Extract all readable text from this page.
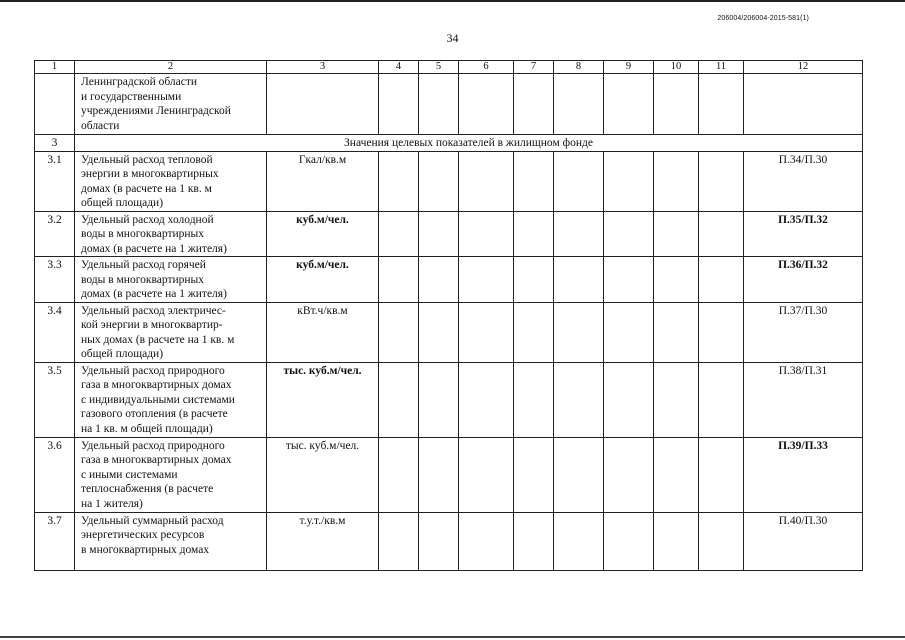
206004/206004-2015-581(1)
34
1	2	3	4	5	6	7	8	9	10	11	12

	Ленинградской области
и государственными
учреждениями Ленинградской
области										

3	Значения целевых показателей в жилищном фонде										
3.1	Удельный расход тепловой
энергии в многоквартирных
домах (в расчете на 1 кв. м
общей площади)	Гкал/кв.м									П.34/П.30
3.2	Удельный расход холодной
воды в многоквартирных
домах (в расчете на 1 жителя)	куб.м/чел.									П.35/П.32
3.3	Удельный расход горячей
воды в многоквартирных
домах (в расчете на 1 жителя)	куб.м/чел.									П.36/П.32
3.4	Удельный расход электричес-
кой энергии в многоквартир-
ных домах (в расчете на 1 кв. м
общей площади)	кВт.ч/кв.м									П.37/П.30
3.5	Удельный расход природного
газа в многоквартирных домах
с индивидуальными системами
газового отопления (в расчете
на 1 кв. м общей площади)	тыс. куб.м/чел.									П.38/П.31
3.6	Удельный расход природного
газа в многоквартирных домах
с иными системами
теплоснабжения (в расчете
на 1 жителя)	тыс. куб.м/чел.									П.39/П.33
3.7	Удельный суммарный расход
энергетических ресурсов
в многоквартирных домах	т.у.т./кв.м									П.40/П.30
